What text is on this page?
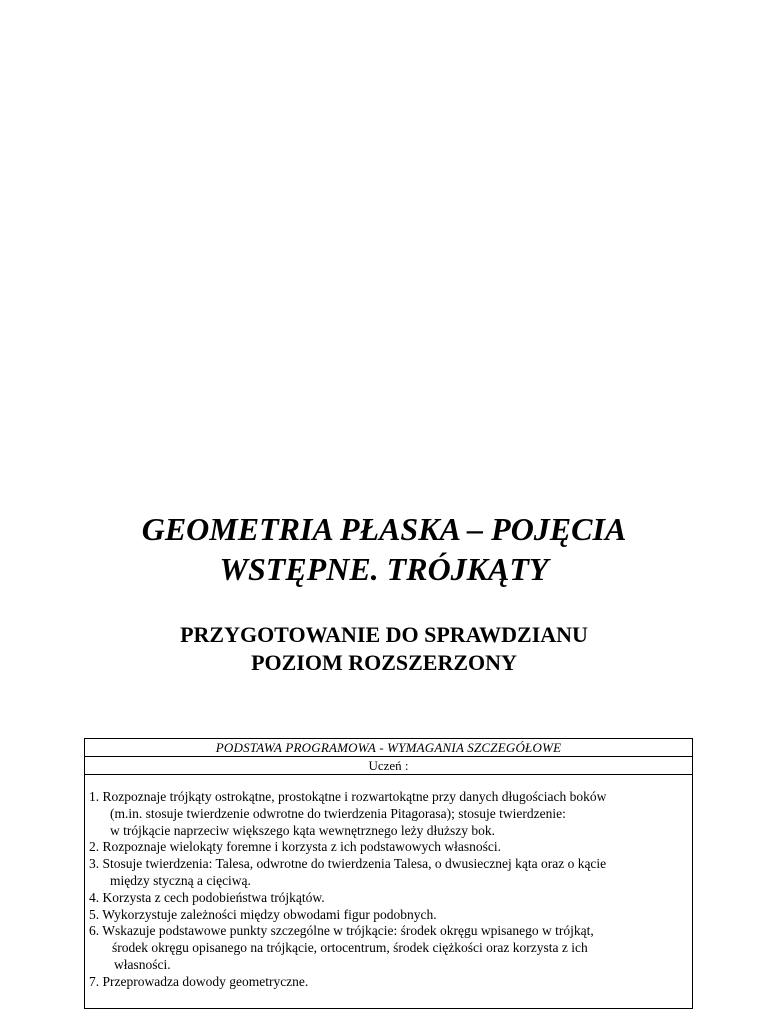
GEOMETRIA PŁASKA – POJĘCIA
WSTĘPNE. TRÓJKĄTY
PRZYGOTOWANIE DO SPRAWDZIANU
POZIOM ROZSZERZONY
PODSTAWA PROGRAMOWA - WYMAGANIA SZCZEGÓŁOWE
Uczeń :
1. Rozpoznaje trójkąty ostrokątne, prostokątne i rozwartokątne przy danych długościach boków
(m.in. stosuje twierdzenie odwrotne do twierdzenia Pitagorasa); stosuje twierdzenie:
w trójkącie naprzeciw większego kąta wewnętrznego leży dłuższy bok.
2. Rozpoznaje wielokąty foremne i korzysta z ich podstawowych własności.
3. Stosuje twierdzenia: Talesa, odwrotne do twierdzenia Talesa, o dwusiecznej kąta oraz o kącie
między styczną a cięciwą.
4. Korzysta z cech podobieństwa trójkątów.
5. Wykorzystuje zależności między obwodami figur podobnych.
6. Wskazuje podstawowe punkty szczególne w trójkącie: środek okręgu wpisanego w trójkąt,
środek okręgu opisanego na trójkącie, ortocentrum, środek ciężkości oraz korzysta z ich
własności.
7. Przeprowadza dowody geometryczne.
